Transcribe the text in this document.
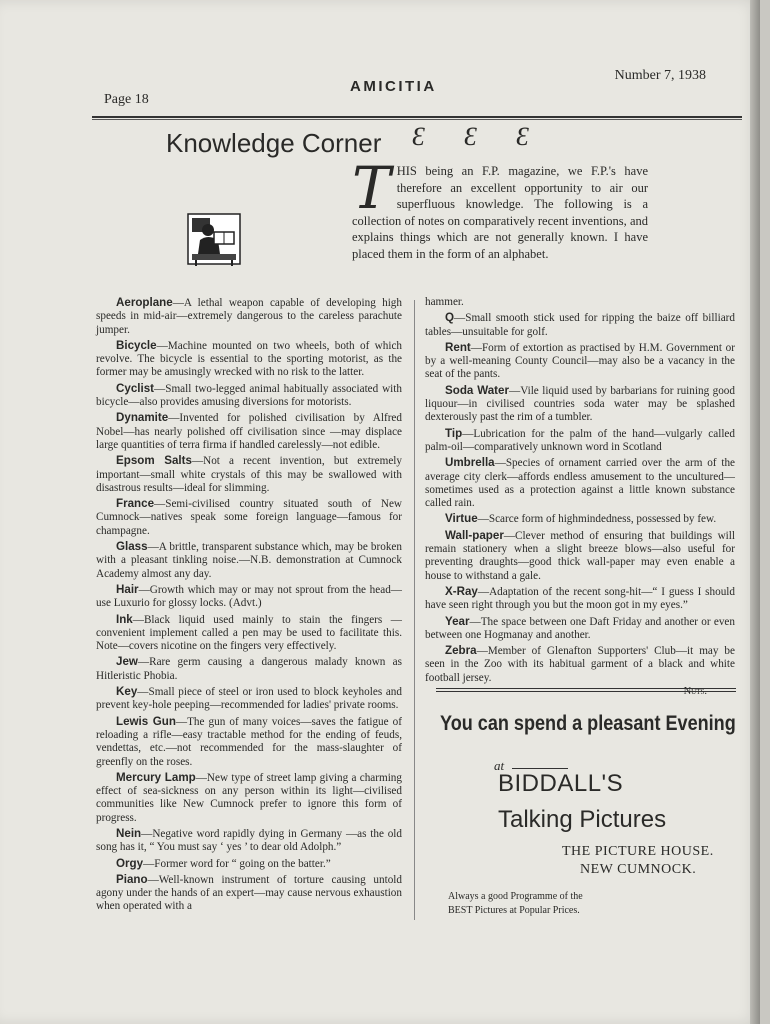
Page 18
AMICITIA
Number 7, 1938
Knowledge Corner Ɛ Ɛ Ɛ
T HIS being an F.P. magazine, we F.P.'s have therefore an excellent opportunity to air our superfluous knowledge. The following is a collection of notes on comparatively recent inventions, and explains things which are not generally known. I have placed them in the form of an alphabet.

Aeroplane—A lethal weapon capable of developing high speeds in mid-air—extremely dangerous to the careless parachute jumper.

Bicycle—Machine mounted on two wheels, both of which revolve. The bicycle is essential to the sporting motorist, as the former may be amusingly wrecked with no risk to the latter.

Cyclist—Small two-legged animal habitually associated with bicycle—also provides amusing diversions for motorists.

Dynamite—Invented for polished civilisation by Alfred Nobel—has nearly polished off civilisation since —may displace large quantities of terra firma if handled carelessly—not edible.

Epsom Salts—Not a recent invention, but extremely important—small white crystals of this may be swallowed with disastrous results—ideal for slimming.

France—Semi-civilised country situated south of New Cumnock—natives speak some foreign language—famous for champagne.

Glass—A brittle, transparent substance which, may be broken with a pleasant tinkling noise.—N.B. demonstration at Cumnock Academy almost any day.

Hair—Growth which may or may not sprout from the head—use Luxurio for glossy locks. (Advt.)

Ink—Black liquid used mainly to stain the fingers —convenient implement called a pen may be used to facilitate this. Note—covers nicotine on the fingers very effectively.

Jew—Rare germ causing a dangerous malady known as Hitleristic Phobia.

Key—Small piece of steel or iron used to block keyholes and prevent key-hole peeping—recommended for ladies' private rooms.

Lewis Gun—The gun of many voices—saves the fatigue of reloading a rifle—easy tractable method for the ending of feuds, vendettas, etc.—not recommended for the mass-slaughter of greenfly on the roses.

Mercury Lamp—New type of street lamp giving a charming effect of sea-sickness on any person within its light—civilised communities like New Cumnock prefer to ignore this form of progress.

Nein—Negative word rapidly dying in Germany —as the old song has it, “ You must say ‘ yes ’ to dear old Adolph.”

Orgy—Former word for “ going on the batter.”

Piano—Well-known instrument of torture causing untold agony under the hands of an expert—may cause nervous exhaustion when operated with a

hammer.

Q—Small smooth stick used for ripping the baize off billiard tables—unsuitable for golf.

Rent—Form of extortion as practised by H.M. Government or by a well-meaning County Council—may also be a vacancy in the seat of the pants.

Soda Water—Vile liquid used by barbarians for ruining good liquour—in civilised countries soda water may be splashed dexterously past the rim of a tumbler.

Tip—Lubrication for the palm of the hand—vulgarly called palm-oil—comparatively unknown word in Scotland

Umbrella—Species of ornament carried over the arm of the average city clerk—affords endless amusement to the uncultured—sometimes used as a protection against a little known substance called rain.

Virtue—Scarce form of highmindedness, possessed by few.

Wall-paper—Clever method of ensuring that buildings will remain stationery when a slight breeze blows—also useful for preventing draughts—good thick wall-paper may even enable a house to withstand a gale.

X-Ray—Adaptation of the recent song-hit—“ I guess I should have seen right through you but the moon got in my eyes.”

Year—The space between one Daft Friday and another or even between one Hogmanay and another.

Zebra—Member of Glenafton Supporters' Club—it may be seen in the Zoo with its habitual garment of a black and white football jersey.

Nuts.

You can spend a pleasant Evening
at
BIDDALL'S
Talking Pictures
THE PICTURE HOUSE.
NEW CUMNOCK.
Always a good Programme of the
BEST Pictures at Popular Prices.
